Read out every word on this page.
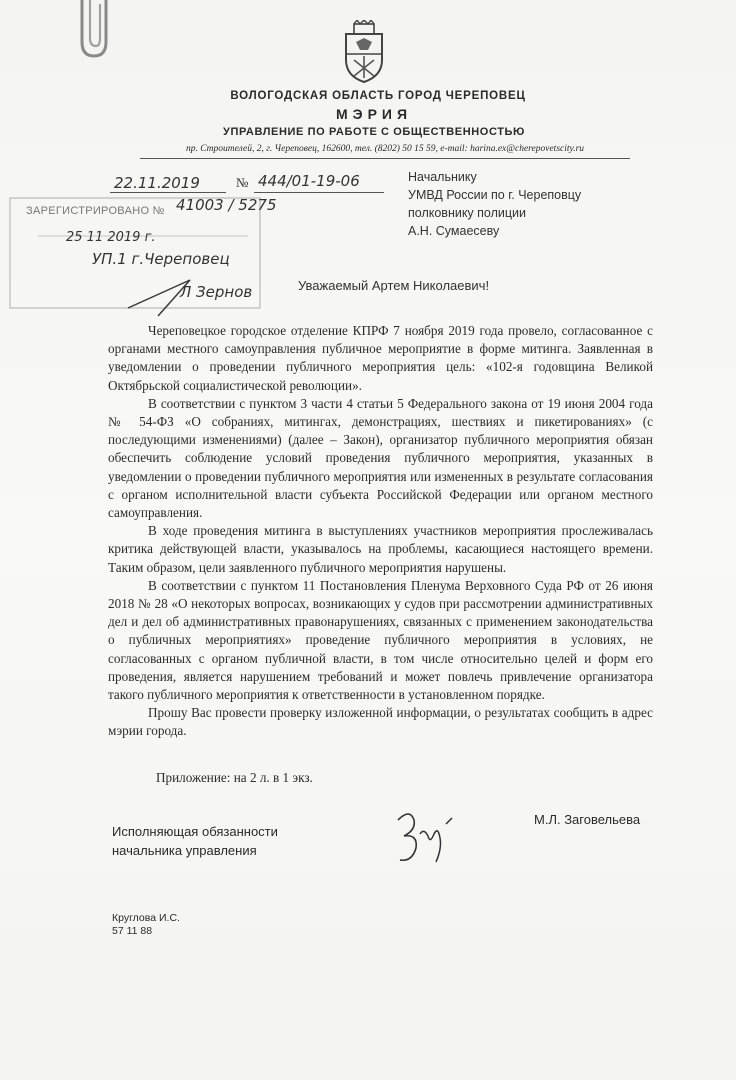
ВОЛОГОДСКАЯ ОБЛАСТЬ ГОРОД ЧЕРЕПОВЕЦ
МЭРИЯ
УПРАВЛЕНИЕ ПО РАБОТЕ С ОБЩЕСТВЕННОСТЬЮ
пр. Строителей, 2, г. Череповец, 162600, тел. (8202) 50 15 59, e-mail: harina.ex@cherepovetscity.ru
22.11.2019	№ 444/01-19-06
ЗАРЕГИСТРИРОВАНО № 41003 / 5275
25 11 2019 г.
УП.1 г.Череповец
Л Зернов
Начальнику
УМВД России по г. Череповцу
полковнику полиции
А.Н. Сумаесеву
Уважаемый Артем Николаевич!

Череповецкое городское отделение КПРФ 7 ноября 2019 года провело, согласованное с органами местного самоуправления публичное мероприятие в форме митинга. Заявленная в уведомлении о проведении публичного мероприятия цель: «102-я годовщина Великой Октябрьской социалистической революции».

В соответствии с пунктом 3 части 4 статьи 5 Федерального закона от 19 июня 2004 года № 54-ФЗ «О собраниях, митингах, демонстрациях, шествиях и пикетированиях» (с последующими изменениями) (далее – Закон), организатор публичного мероприятия обязан обеспечить соблюдение условий проведения публичного мероприятия, указанных в уведомлении о проведении публичного мероприятия или измененных в результате согласования с органом исполнительной власти субъекта Российской Федерации или органом местного самоуправления.

В ходе проведения митинга в выступлениях участников мероприятия прослеживалась критика действующей власти, указывалось на проблемы, касающиеся настоящего времени. Таким образом, цели заявленного публичного мероприятия нарушены.

В соответствии с пунктом 11 Постановления Пленума Верховного Суда РФ от 26 июня 2018 № 28 «О некоторых вопросах, возникающих у судов при рассмотрении административных дел и дел об административных правонарушениях, связанных с применением законодательства о публичных мероприятиях» проведение публичного мероприятия в условиях, не согласованных с органом публичной власти, в том числе относительно целей и форм его проведения, является нарушением требований и может повлечь привлечение организатора такого публичного мероприятия к ответственности в установленном порядке.

Прошу Вас провести проверку изложенной информации, о результатах сообщить в адрес мэрии города.

Приложение: на 2 л. в 1 экз.
Исполняющая обязанности
начальника управления
М.Л. Заговельева
Круглова И.С.
57 11 88
